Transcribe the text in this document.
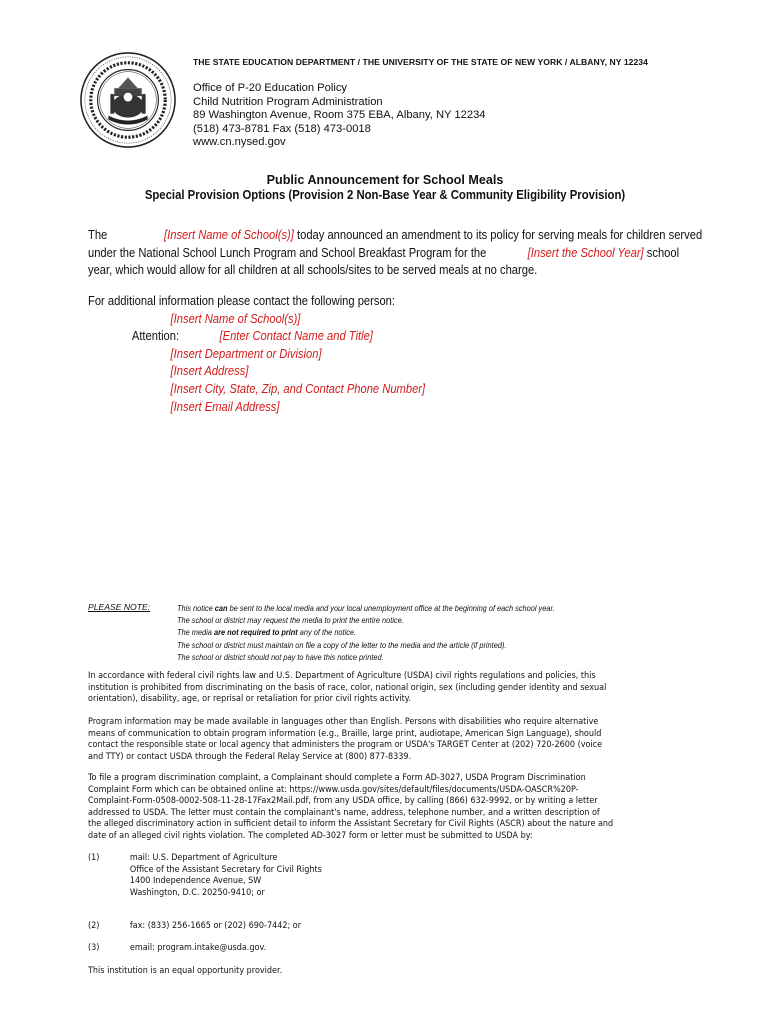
THE STATE EDUCATION DEPARTMENT / THE UNIVERSITY OF THE STATE OF NEW YORK / ALBANY, NY 12234
Office of P-20 Education Policy
Child Nutrition Program Administration
89 Washington Avenue, Room 375 EBA, Albany, NY 12234
(518) 473-8781 Fax (518) 473-0018
www.cn.nysed.gov
Public Announcement for School Meals
Special Provision Options (Provision 2 Non-Base Year & Community Eligibility Provision)
The	[Insert Name of School(s)] today announced an amendment to its policy for serving meals for children served
under the National School Lunch Program and School Breakfast Program for the	[Insert the School Year] school
year, which would allow for all children at all schools/sites to be served meals at no charge.
For additional information please contact the following person:
[Insert Name of School(s)]
Attention:	[Enter Contact Name and Title]
[Insert Department or Division]
[Insert Address]
[Insert City, State, Zip, and Contact Phone Number]
[Insert Email Address]
PLEASE NOTE:	This notice can be sent to the local media and your local unemployment office at the beginning of each school year.
The school or district may request the media to print the entire notice.
The media are not required to print any of the notice.
The school or district must maintain on file a copy of the letter to the media and the article (if printed).
The school or district should not pay to have this notice printed.
In accordance with federal civil rights law and U.S. Department of Agriculture (USDA) civil rights regulations and policies, this
institution is prohibited from discriminating on the basis of race, color, national origin, sex (including gender identity and sexual
orientation), disability, age, or reprisal or retaliation for prior civil rights activity.
Program information may be made available in languages other than English. Persons with disabilities who require alternative
means of communication to obtain program information (e.g., Braille, large print, audiotape, American Sign Language), should
contact the responsible state or local agency that administers the program or USDA's TARGET Center at (202) 720-2600 (voice
and TTY) or contact USDA through the Federal Relay Service at (800) 877-8339.
To file a program discrimination complaint, a Complainant should complete a Form AD-3027, USDA Program Discrimination
Complaint Form which can be obtained online at: https://www.usda.gov/sites/default/files/documents/USDA-OASCR%20P-
Complaint-Form-0508-0002-508-11-28-17Fax2Mail.pdf, from any USDA office, by calling (866) 632-9992, or by writing a letter
addressed to USDA. The letter must contain the complainant's name, address, telephone number, and a written description of
the alleged discriminatory action in sufficient detail to inform the Assistant Secretary for Civil Rights (ASCR) about the nature and
date of an alleged civil rights violation. The completed AD-3027 form or letter must be submitted to USDA by:
(1)	mail: U.S. Department of Agriculture
Office of the Assistant Secretary for Civil Rights
1400 Independence Avenue, SW
Washington, D.C. 20250-9410; or
(2)	fax: (833) 256-1665 or (202) 690-7442; or
(3)	email: program.intake@usda.gov.
This institution is an equal opportunity provider.
